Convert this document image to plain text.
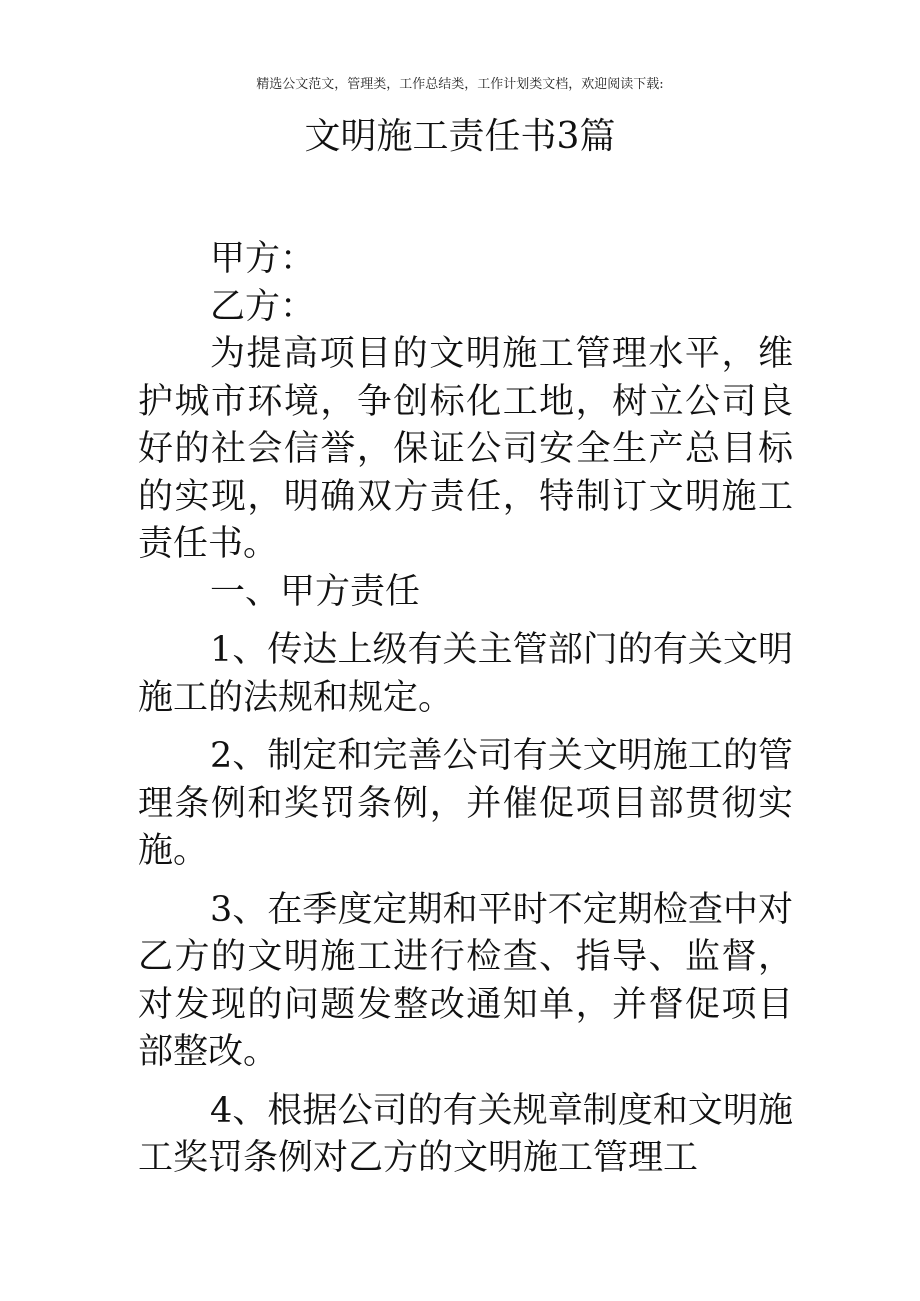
精选公文范文，管理类，工作总结类，工作计划类文档，欢迎阅读下载:
文明施工责任书3篇

甲方：

乙方：

为提高项目的文明施工管理水平，维护城市环境，争创标化工地，树立公司良好的社会信誉，保证公司安全生产总目标的实现，明确双方责任，特制订文明施工责任书。

一、甲方责任

1、传达上级有关主管部门的有关文明施工的法规和规定。

2、制定和完善公司有关文明施工的管理条例和奖罚条例，并催促项目部贯彻实施。

3、在季度定期和平时不定期检查中对乙方的文明施工进行检查、指导、监督，对发现的问题发整改通知单，并督促项目部整改。

4、根据公司的有关规章制度和文明施工奖罚条例对乙方的文明施工管理工
